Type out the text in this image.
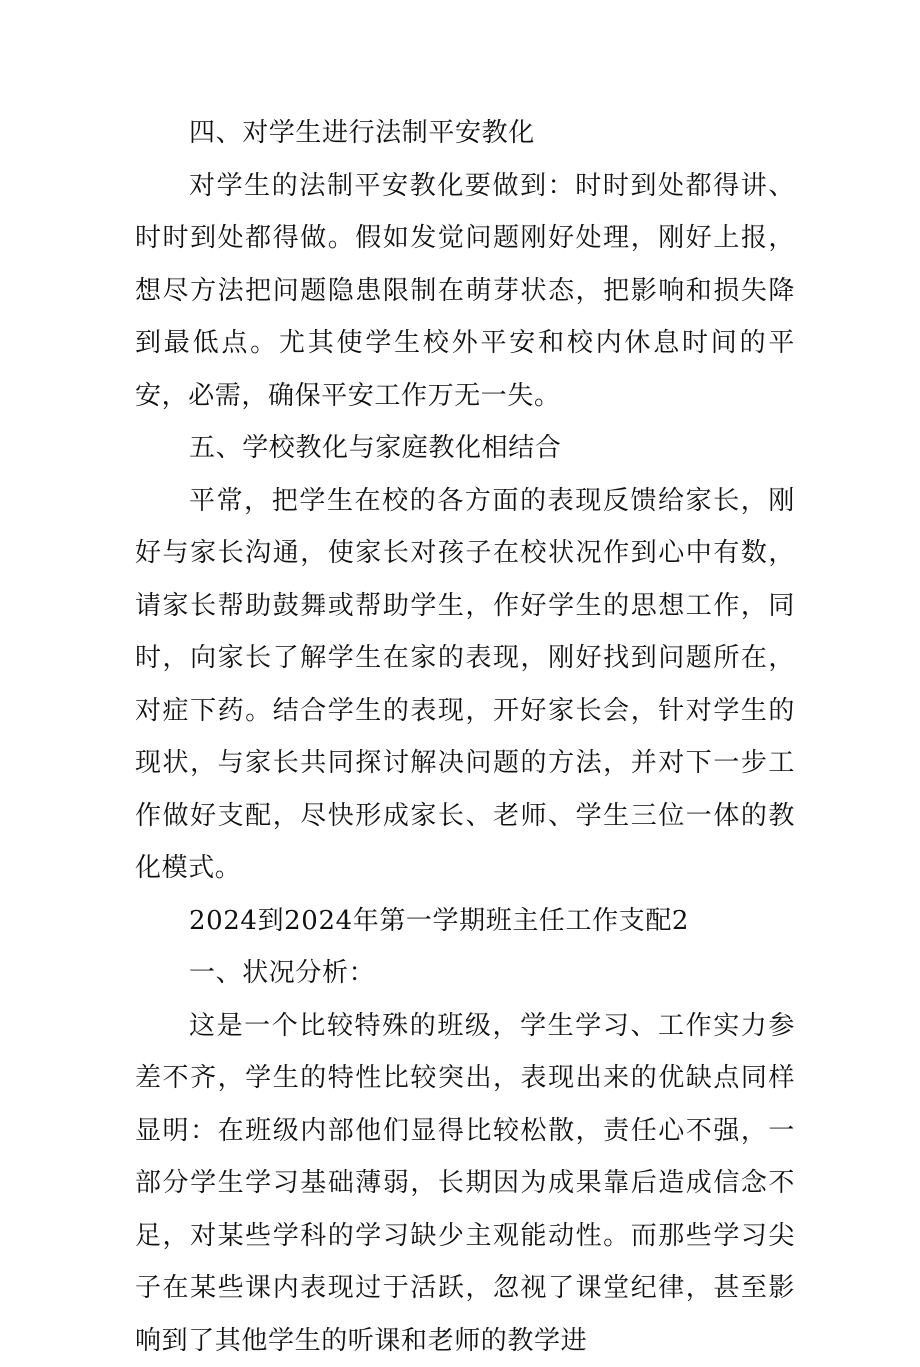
四、对学生进行法制平安教化

对学生的法制平安教化要做到：时时到处都得讲、时时到处都得做。假如发觉问题刚好处理，刚好上报，想尽方法把问题隐患限制在萌芽状态，把影响和损失降到最低点。尤其使学生校外平安和校内休息时间的平安，必需，确保平安工作万无一失。

五、学校教化与家庭教化相结合

平常，把学生在校的各方面的表现反馈给家长，刚好与家长沟通，使家长对孩子在校状况作到心中有数，请家长帮助鼓舞或帮助学生，作好学生的思想工作，同时，向家长了解学生在家的表现，刚好找到问题所在，对症下药。结合学生的表现，开好家长会，针对学生的现状，与家长共同探讨解决问题的方法，并对下一步工作做好支配，尽快形成家长、老师、学生三位一体的教化模式。

2024到2024年第一学期班主任工作支配2

一、状况分析：

这是一个比较特殊的班级，学生学习、工作实力参差不齐，学生的特性比较突出，表现出来的优缺点同样显明：在班级内部他们显得比较松散，责任心不强，一部分学生学习基础薄弱，长期因为成果靠后造成信念不足，对某些学科的学习缺少主观能动性。而那些学习尖子在某些课内表现过于活跃，忽视了课堂纪律，甚至影响到了其他学生的听课和老师的教学进
